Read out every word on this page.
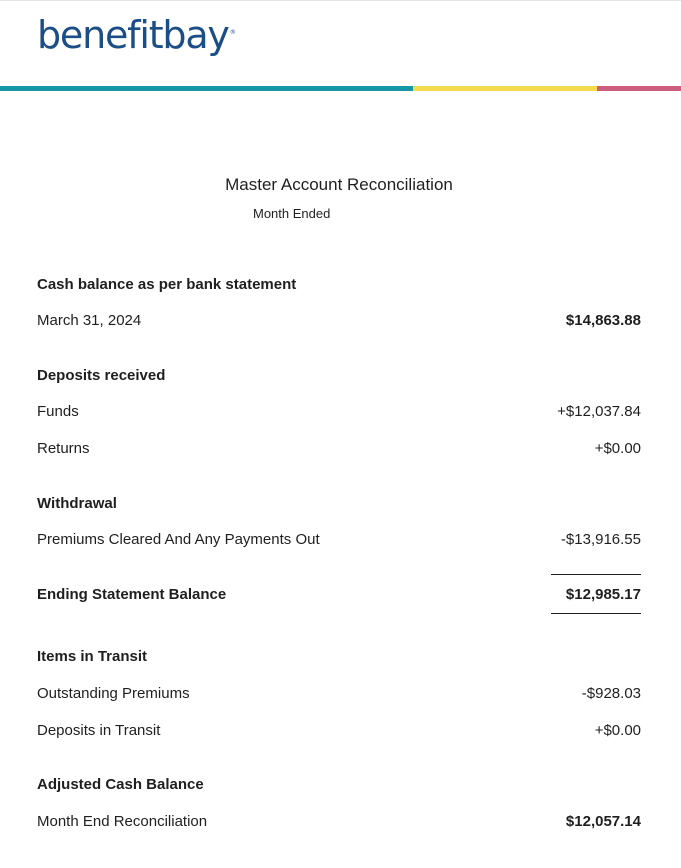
benefitbay®
Master Account Reconciliation
Month Ended
Cash balance as per bank statement
March 31, 2024	$14,863.88
Deposits received
Funds	+$12,037.84
Returns	+$0.00
Withdrawal
Premiums Cleared And Any Payments Out	-$13,916.55
Ending Statement Balance	$12,985.17
Items in Transit
Outstanding Premiums	-$928.03
Deposits in Transit	+$0.00
Adjusted Cash Balance
Month End Reconciliation	$12,057.14
